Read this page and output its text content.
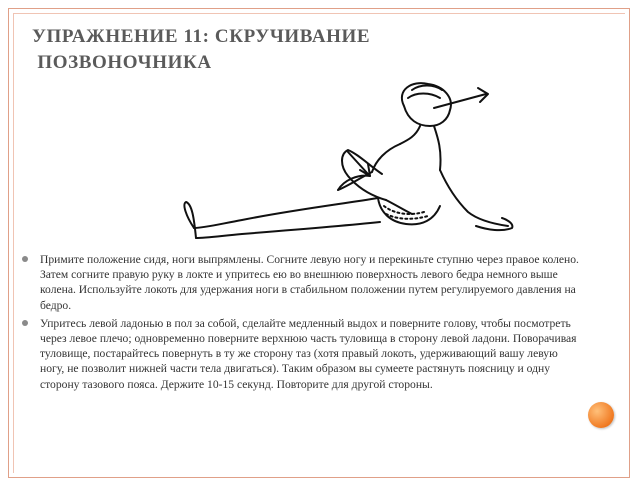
УПРАЖНЕНИЕ 11: СКРУЧИВАНИЕ
ПОЗВОНОЧНИКА
Примите положение сидя, ноги выпрямлены. Согните левую ногу и перекиньте ступню через правое колено. Затем согните правую руку в локте и упритесь ею во внешнюю поверхность левого бедра немного выше колена. Используйте локоть для удержания ноги в стабильном положении путем регулируемого давления на бедро.
Упритесь левой ладонью в пол за собой, сделайте медленный выдох и поверните голову, чтобы посмотреть через левое плечо; одновременно поверните верхнюю часть туловища в сторону левой ладони. Поворачивая туловище, постарайтесь повернуть в ту же сторону таз (хотя правый локоть, удерживающий вашу левую ногу, не позволит нижней части тела двигаться). Таким образом вы сумеете растянуть поясницу и одну сторону тазового пояса. Держите 10-15 секунд. Повторите для другой стороны.
